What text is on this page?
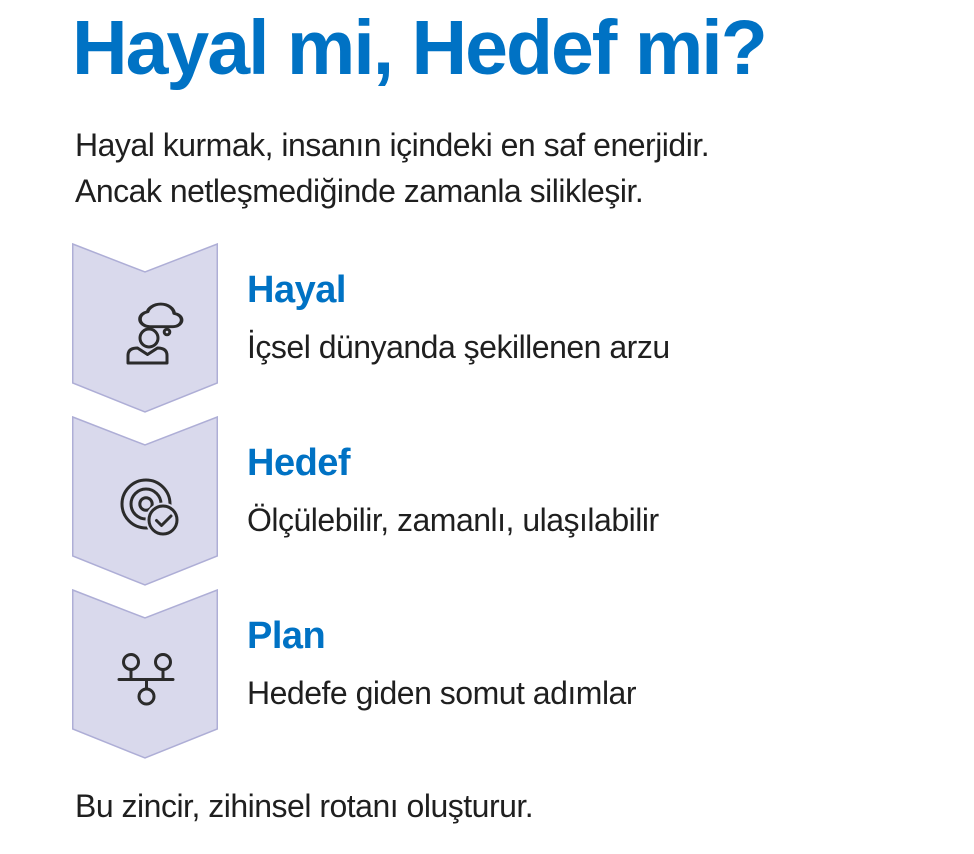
Hayal mi, Hedef mi?
Hayal kurmak, insanın içindeki en saf enerjidir.
Ancak netleşmediğinde zamanla silikleşir.
Hayal
İçsel dünyanda şekillenen arzu
Hedef
Ölçülebilir, zamanlı, ulaşılabilir
Plan
Hedefe giden somut adımlar
Bu zincir, zihinsel rotanı oluşturur.
